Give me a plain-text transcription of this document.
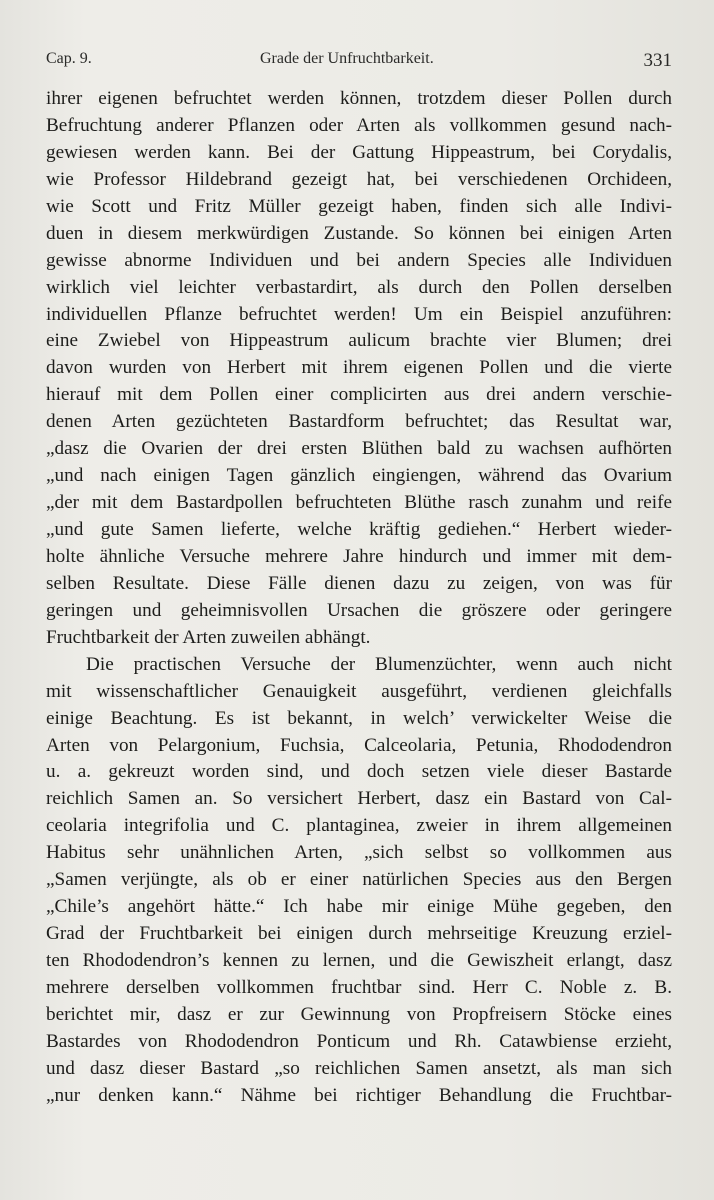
Cap. 9.	Grade der Unfruchtbarkeit.	331
ihrer eigenen befruchtet werden können, trotzdem dieser Pollen durch
Befruchtung anderer Pflanzen oder Arten als vollkommen gesund nach-
gewiesen werden kann. Bei der Gattung Hippeastrum, bei Corydalis,
wie Professor Hildebrand gezeigt hat, bei verschiedenen Orchideen,
wie Scott und Fritz Müller gezeigt haben, finden sich alle Indivi-
duen in diesem merkwürdigen Zustande. So können bei einigen Arten
gewisse abnorme Individuen und bei andern Species alle Individuen
wirklich viel leichter verbastardirt, als durch den Pollen derselben
individuellen Pflanze befruchtet werden! Um ein Beispiel anzuführen:
eine Zwiebel von Hippeastrum aulicum brachte vier Blumen; drei
davon wurden von Herbert mit ihrem eigenen Pollen und die vierte
hierauf mit dem Pollen einer complicirten aus drei andern verschie-
denen Arten gezüchteten Bastardform befruchtet; das Resultat war,
„dasz die Ovarien der drei ersten Blüthen bald zu wachsen aufhörten
„und nach einigen Tagen gänzlich eingiengen, während das Ovarium
„der mit dem Bastardpollen befruchteten Blüthe rasch zunahm und reife
„und gute Samen lieferte, welche kräftig gediehen.“ Herbert wieder-
holte ähnliche Versuche mehrere Jahre hindurch und immer mit dem-
selben Resultate. Diese Fälle dienen dazu zu zeigen, von was für
geringen und geheimnisvollen Ursachen die gröszere oder geringere
Fruchtbarkeit der Arten zuweilen abhängt.
Die practischen Versuche der Blumenzüchter, wenn auch nicht
mit wissenschaftlicher Genauigkeit ausgeführt, verdienen gleichfalls
einige Beachtung. Es ist bekannt, in welch’ verwickelter Weise die
Arten von Pelargonium, Fuchsia, Calceolaria, Petunia, Rhododendron
u. a. gekreuzt worden sind, und doch setzen viele dieser Bastarde
reichlich Samen an. So versichert Herbert, dasz ein Bastard von Cal-
ceolaria integrifolia und C. plantaginea, zweier in ihrem allgemeinen
Habitus sehr unähnlichen Arten, „sich selbst so vollkommen aus
„Samen verjüngte, als ob er einer natürlichen Species aus den Bergen
„Chile’s angehört hätte.“ Ich habe mir einige Mühe gegeben, den
Grad der Fruchtbarkeit bei einigen durch mehrseitige Kreuzung erziel-
ten Rhododendron’s kennen zu lernen, und die Gewiszheit erlangt, dasz
mehrere derselben vollkommen fruchtbar sind. Herr C. Noble z. B.
berichtet mir, dasz er zur Gewinnung von Propfreisern Stöcke eines
Bastardes von Rhododendron Ponticum und Rh. Catawbiense erzieht,
und dasz dieser Bastard „so reichlichen Samen ansetzt, als man sich
„nur denken kann.“ Nähme bei richtiger Behandlung die Fruchtbar-
